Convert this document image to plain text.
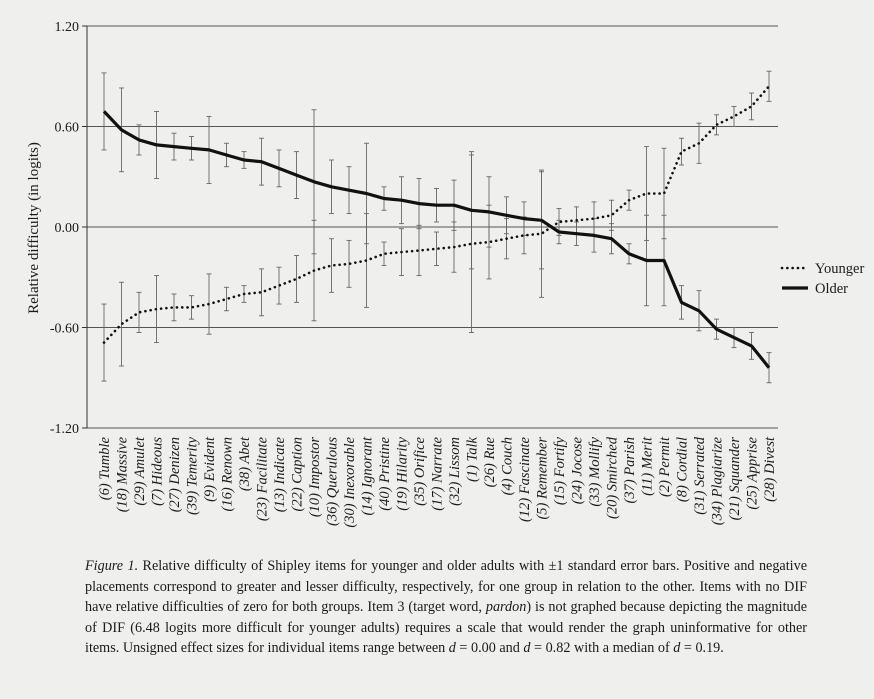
1.20
0.60
0.00
-0.60
-1.20
Relative difficulty (in logits)
(6) Tumble (18) Massive (29) Amulet (7) Hideous (27) Denizen (39) Temerity (9) Evident (16) Renown (38) Abet (23) Facilitate (13) Indicate (22) Caption (10) Impostor (36) Querulous (30) Inexorable (14) Ignorant (40) Pristine (19) Hilarity (35) Orifice (17) Narrate (32) Lissom (1) Talk (26) Rue (4) Couch (12) Fascinate (5) Remember (15) Fortify (24) Jocose (33) Mollify (20) Smirched (37) Parish (11) Merit (2) Permit (8) Cordial (31) Serrated (34) Plagiarize (21) Squander (25) Apprise (28) Divest
Younger
Older
Figure 1. Relative difficulty of Shipley items for younger and older adults with ±1 standard error bars. Positive and negative placements correspond to greater and lesser difficulty, respectively, for one group in relation to the other. Items with no DIF have relative difficulties of zero for both groups. Item 3 (target word, pardon) is not graphed because depicting the magnitude of DIF (6.48 logits more difficult for younger adults) requires a scale that would render the graph uninformative for other items. Unsigned effect sizes for individual items range between d = 0.00 and d = 0.82 with a median of d = 0.19.
